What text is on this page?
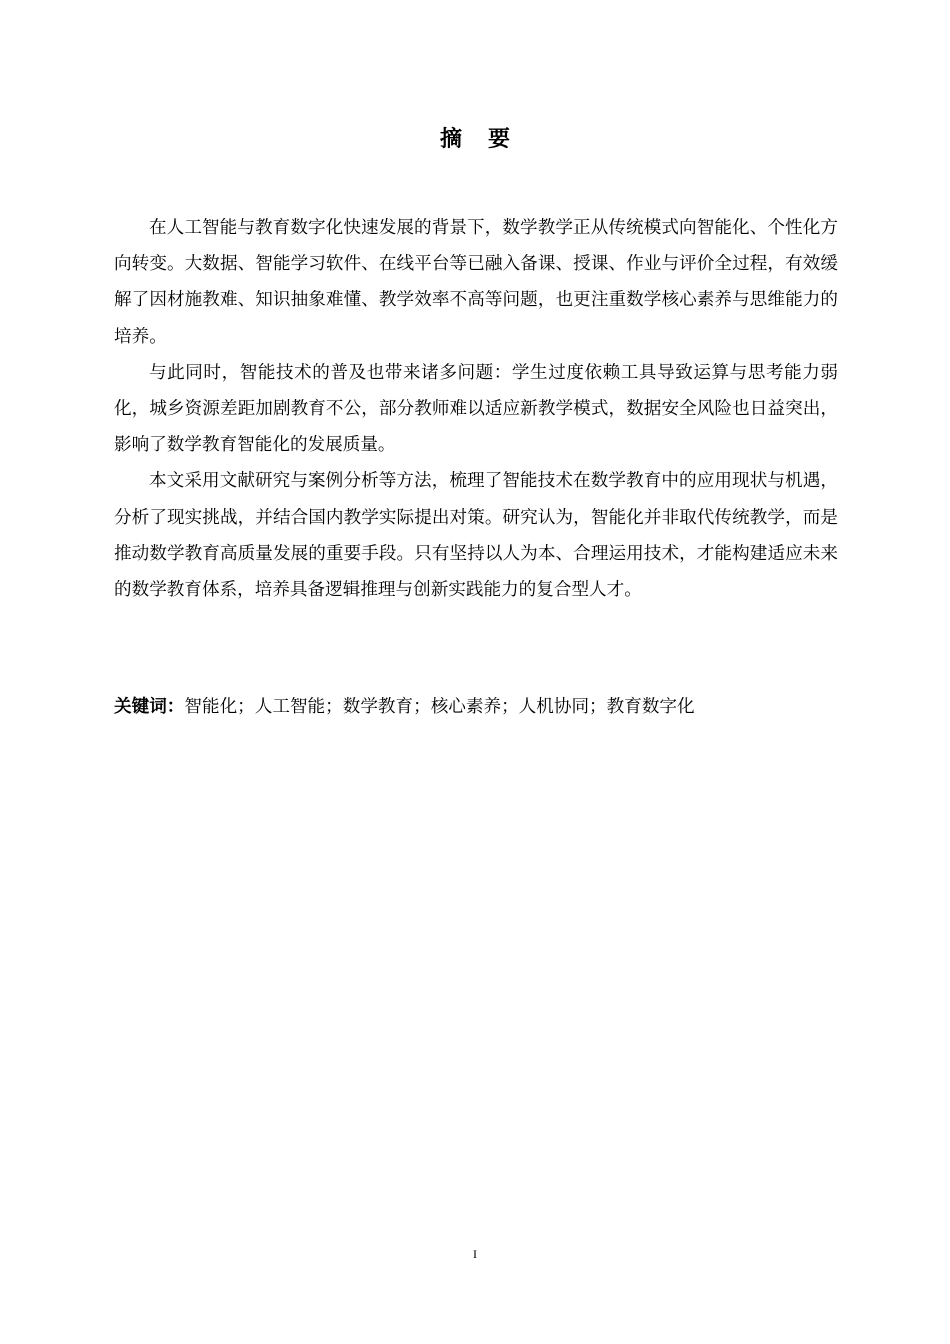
摘要

在人工智能与教育数字化快速发展的背景下，数学教学正从传统模式向智能化、个性化方向转变。大数据、智能学习软件、在线平台等已融入备课、授课、作业与评价全过程，有效缓解了因材施教难、知识抽象难懂、教学效率不高等问题，也更注重数学核心素养与思维能力的培养。

与此同时，智能技术的普及也带来诸多问题：学生过度依赖工具导致运算与思考能力弱化，城乡资源差距加剧教育不公，部分教师难以适应新教学模式，数据安全风险也日益突出，影响了数学教育智能化的发展质量。

本文采用文献研究与案例分析等方法，梳理了智能技术在数学教育中的应用现状与机遇，分析了现实挑战，并结合国内教学实际提出对策。研究认为，智能化并非取代传统教学，而是推动数学教育高质量发展的重要手段。只有坚持以人为本、合理运用技术，才能构建适应未来的数学教育体系，培养具备逻辑推理与创新实践能力的复合型人才。

关键词：智能化；人工智能；数学教育；核心素养；人机协同；教育数字化
I
